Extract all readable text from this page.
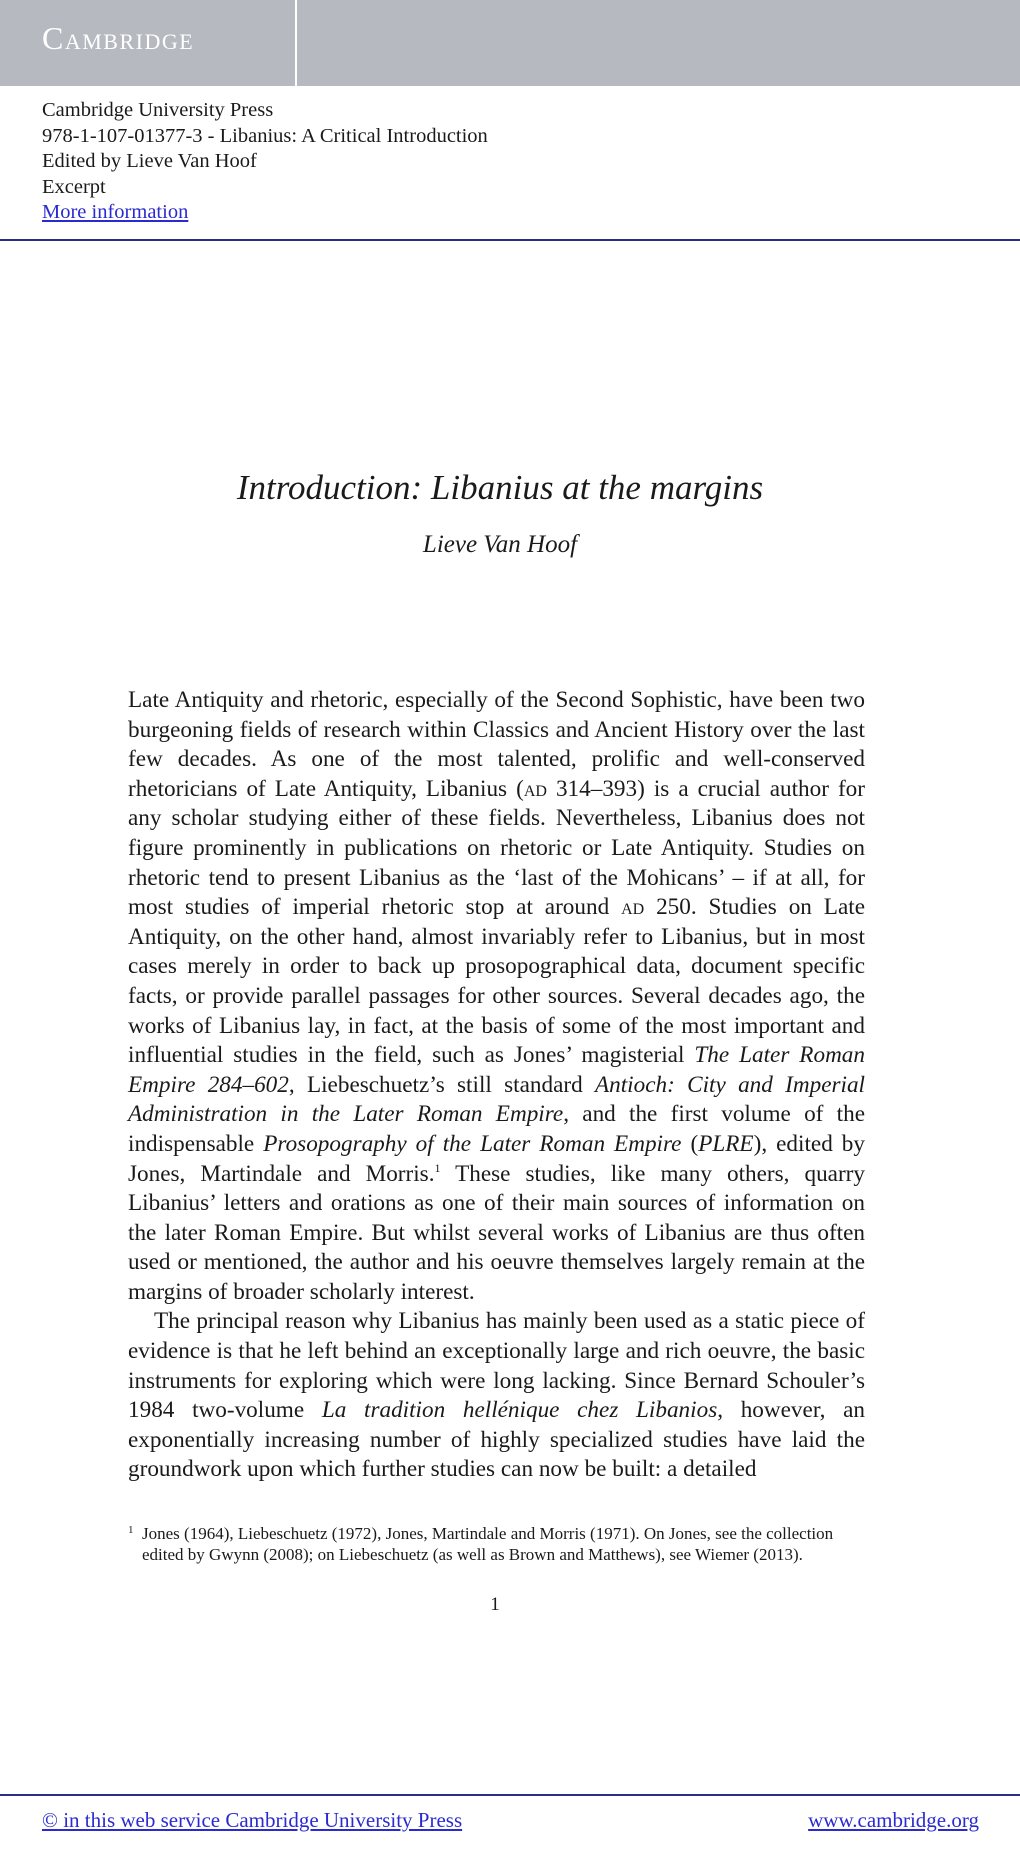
Cambridge
Cambridge University Press
978-1-107-01377-3 - Libanius: A Critical Introduction
Edited by Lieve Van Hoof
Excerpt
More information
Introduction: Libanius at the margins
Lieve Van Hoof

Late Antiquity and rhetoric, especially of the Second Sophistic, have been two burgeoning fields of research within Classics and Ancient History over the last few decades. As one of the most talented, prolific and well-conserved rhetoricians of Late Antiquity, Libanius (ad 314–393) is a crucial author for any scholar studying either of these fields. Nevertheless, Libanius does not figure prominently in publications on rhetoric or Late Antiquity. Studies on rhetoric tend to present Libanius as the ‘last of the Mohicans’ – if at all, for most studies of imperial rhetoric stop at around ad 250. Studies on Late Antiquity, on the other hand, almost invariably refer to Libanius, but in most cases merely in order to back up prosopographical data, document specific facts, or provide parallel passages for other sources. Several decades ago, the works of Libanius lay, in fact, at the basis of some of the most important and influential studies in the field, such as Jones’ magisterial The Later Roman Empire 284–602, Liebeschuetz’s still standard Antioch: City and Imperial Administration in the Later Roman Empire, and the first volume of the indispensable Prosopography of the Later Roman Empire (PLRE), edited by Jones, Martindale and Morris.$^1$ These studies, like many others, quarry Libanius’ letters and orations as one of their main sources of information on the later Roman Empire. But whilst several works of Libanius are thus often used or mentioned, the author and his oeuvre themselves largely remain at the margins of broader scholarly interest.

The principal reason why Libanius has mainly been used as a static piece of evidence is that he left behind an exceptionally large and rich oeuvre, the basic instruments for exploring which were long lacking. Since Bernard Schouler’s 1984 two-volume La tradition hellénique chez Libanios, however, an exponentially increasing number of highly specialized studies have laid the groundwork upon which further studies can now be built: a detailed

1 Jones (1964), Liebeschuetz (1972), Jones, Martindale and Morris (1971). On Jones, see the collection edited by Gwynn (2008); on Liebeschuetz (as well as Brown and Matthews), see Wiemer (2013).
1
© in this web service Cambridge University Press	www.cambridge.org
